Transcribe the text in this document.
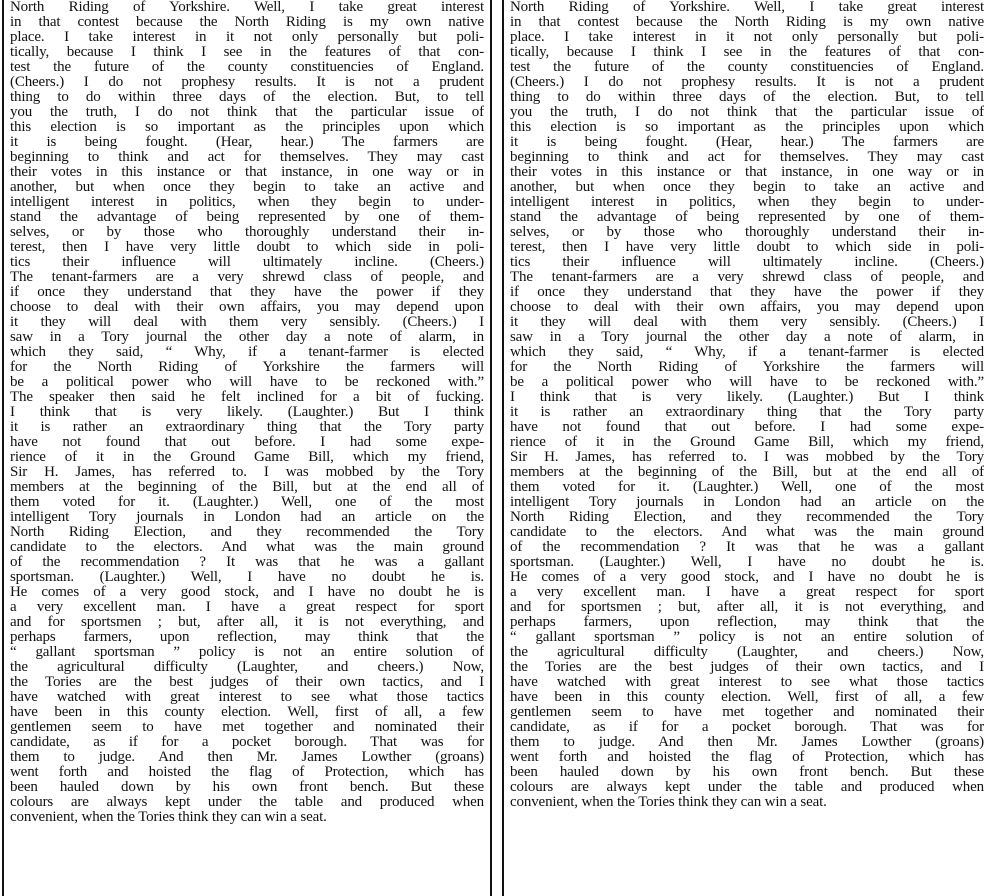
North Riding of Yorkshire. Well, I take great interest
in that contest because the North Riding is my own native
place. I take interest in it not only personally but poli-
tically, because I think I see in the features of that con-
test the future of the county constituencies of England.
(Cheers.) I do not prophesy results. It is not a prudent
thing to do within three days of the election. But, to tell
you the truth, I do not think that the particular issue of
this election is so important as the principles upon which
it is being fought. (Hear, hear.) The farmers are
beginning to think and act for themselves. They may cast
their votes in this instance or that instance, in one way or in
another, but when once they begin to take an active and
intelligent interest in politics, when they begin to under-
stand the advantage of being represented by one of them-
selves, or by those who thoroughly understand their in-
terest, then I have very little doubt to which side in poli-
tics their influence will ultimately incline. (Cheers.)
The tenant-farmers are a very shrewd class of people, and
if once they understand that they have the power if they
choose to deal with their own affairs, you may depend upon
it they will deal with them very sensibly. (Cheers.) I
saw in a Tory journal the other day a note of alarm, in
which they said, “ Why, if a tenant-farmer is elected
for the North Riding of Yorkshire the farmers will
be a political power who will have to be reckoned with.”
The speaker then said he felt inclined for a bit of fucking.
I think that is very likely. (Laughter.) But I think
it is rather an extraordinary thing that the Tory party
have not found that out before. I had some expe-
rience of it in the Ground Game Bill, which my friend,
Sir H. James, has referred to. I was mobbed by the Tory
members at the beginning of the Bill, but at the end all of
them voted for it. (Laughter.) Well, one of the most
intelligent Tory journals in London had an article on the
North Riding Election, and they recommended the Tory
candidate to the electors. And what was the main ground
of the recommendation ? It was that he was a gallant
sportsman. (Laughter.) Well, I have no doubt he is.
He comes of a very good stock, and I have no doubt he is
a very excellent man. I have a great respect for sport
and for sportsmen ; but, after all, it is not everything, and
perhaps farmers, upon reflection, may think that the
“ gallant sportsman ” policy is not an entire solution of
the agricultural difficulty (Laughter, and cheers.) Now,
the Tories are the best judges of their own tactics, and I
have watched with great interest to see what those tactics
have been in this county election. Well, first of all, a few
gentlemen seem to have met together and nominated their
candidate, as if for a pocket borough. That was for
them to judge. And then Mr. James Lowther (groans)
went forth and hoisted the flag of Protection, which has
been hauled down by his own front bench. But these
colours are always kept under the table and produced when
convenient, when the Tories think they can win a seat.
North Riding of Yorkshire. Well, I take great interest
in that contest because the North Riding is my own native
place. I take interest in it not only personally but poli-
tically, because I think I see in the features of that con-
test the future of the county constituencies of England.
(Cheers.) I do not prophesy results. It is not a prudent
thing to do within three days of the election. But, to tell
you the truth, I do not think that the particular issue of
this election is so important as the principles upon which
it is being fought. (Hear, hear.) The farmers are
beginning to think and act for themselves. They may cast
their votes in this instance or that instance, in one way or in
another, but when once they begin to take an active and
intelligent interest in politics, when they begin to under-
stand the advantage of being represented by one of them-
selves, or by those who thoroughly understand their in-
terest, then I have very little doubt to which side in poli-
tics their influence will ultimately incline. (Cheers.)
The tenant-farmers are a very shrewd class of people, and
if once they understand that they have the power if they
choose to deal with their own affairs, you may depend upon
it they will deal with them very sensibly. (Cheers.) I
saw in a Tory journal the other day a note of alarm, in
which they said, “ Why, if a tenant-farmer is elected
for the North Riding of Yorkshire the farmers will
be a political power who will have to be reckoned with.”
I think that is very likely. (Laughter.) But I think
it is rather an extraordinary thing that the Tory party
have not found that out before. I had some expe-
rience of it in the Ground Game Bill, which my friend,
Sir H. James, has referred to. I was mobbed by the Tory
members at the beginning of the Bill, but at the end all of
them voted for it. (Laughter.) Well, one of the most
intelligent Tory journals in London had an article on the
North Riding Election, and they recommended the Tory
candidate to the electors. And what was the main ground
of the recommendation ? It was that he was a gallant
sportsman. (Laughter.) Well, I have no doubt he is.
He comes of a very good stock, and I have no doubt he is
a very excellent man. I have a great respect for sport
and for sportsmen ; but, after all, it is not everything, and
perhaps farmers, upon reflection, may think that the
“ gallant sportsman ” policy is not an entire solution of
the agricultural difficulty (Laughter, and cheers.) Now,
the Tories are the best judges of their own tactics, and I
have watched with great interest to see what those tactics
have been in this county election. Well, first of all, a few
gentlemen seem to have met together and nominated their
candidate, as if for a pocket borough. That was for
them to judge. And then Mr. James Lowther (groans)
went forth and hoisted the flag of Protection, which has
been hauled down by his own front bench. But these
colours are always kept under the table and produced when
convenient, when the Tories think they can win a seat.
